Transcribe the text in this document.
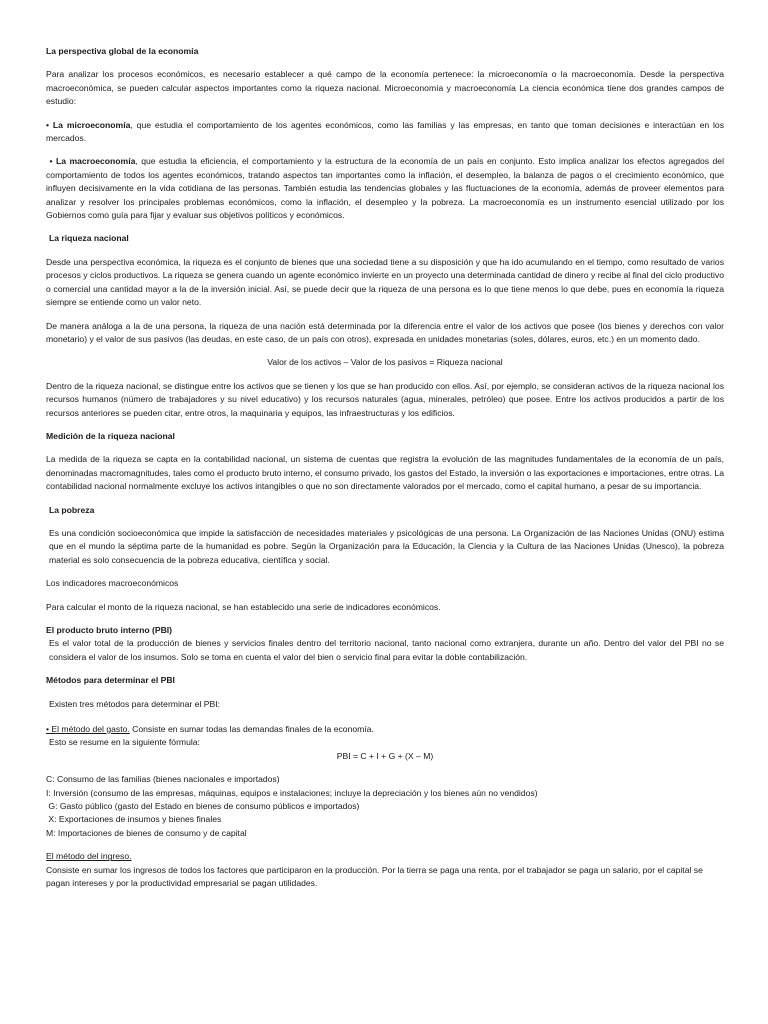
La perspectiva global de la economía

Para analizar los procesos económicos, es necesario establecer a qué campo de la economía pertenece: la microeconomía o la macroeconomía. Desde la perspectiva macroeconómica, se pueden calcular aspectos importantes como la riqueza nacional. Microeconomía y macroeconomía La ciencia económica tiene dos grandes campos de estudio:

• La microeconomía, que estudia el comportamiento de los agentes económicos, como las familias y las empresas, en tanto que toman decisiones e interactúan en los mercados.

• La macroeconomía, que estudia la eficiencia, el comportamiento y la estructura de la economía de un país en conjunto. Esto implica analizar los efectos agregados del comportamiento de todos los agentes económicos, tratando aspectos tan importantes como la inflación, el desempleo, la balanza de pagos o el crecimiento económico, que influyen decisivamente en la vida cotidiana de las personas. También estudia las tendencias globales y las fluctuaciones de la economía, además de proveer elementos para analizar y resolver los principales problemas económicos, como la inflación, el desempleo y la pobreza. La macroeconomía es un instrumento esencial utilizado por los Gobiernos como guía para fijar y evaluar sus objetivos políticos y económicos.

La riqueza nacional

Desde una perspectiva económica, la riqueza es el conjunto de bienes que una sociedad tiene a su disposición y que ha ido acumulando en el tiempo, como resultado de varios procesos y ciclos productivos. La riqueza se genera cuando un agente económico invierte en un proyecto una determinada cantidad de dinero y recibe al final del ciclo productivo o comercial una cantidad mayor a la de la inversión inicial. Así, se puede decir que la riqueza de una persona es lo que tiene menos lo que debe, pues en economía la riqueza siempre se entiende como un valor neto.

De manera análoga a la de una persona, la riqueza de una nación está determinada por la diferencia entre el valor de los activos que posee (los bienes y derechos con valor monetario) y el valor de sus pasivos (las deudas, en este caso, de un país con otros), expresada en unidades monetarias (soles, dólares, euros, etc.) en un momento dado.

Valor de los activos – Valor de los pasivos = Riqueza nacional

Dentro de la riqueza nacional, se distingue entre los activos que se tienen y los que se han producido con ellos. Así, por ejemplo, se consideran activos de la riqueza nacional los recursos humanos (número de trabajadores y su nivel educativo) y los recursos naturales (agua, minerales, petróleo) que posee. Entre los activos producidos a partir de los recursos anteriores se pueden citar, entre otros, la maquinaria y equipos, las infraestructuras y los edificios.

Medición de la riqueza nacional

La medida de la riqueza se capta en la contabilidad nacional, un sistema de cuentas que registra la evolución de las magnitudes fundamentales de la economía de un país, denominadas macromagnitudes, tales como el producto bruto interno, el consumo privado, los gastos del Estado, la inversión o las exportaciones e importaciones, entre otras. La contabilidad nacional normalmente excluye los activos intangibles o que no son directamente valorados por el mercado, como el capital humano, a pesar de su importancia.

La pobreza

Es una condición socioeconómica que impide la satisfacción de necesidades materiales y psicológicas de una persona. La Organización de las Naciones Unidas (ONU) estima que en el mundo la séptima parte de la humanidad es pobre. Según la Organización para la Educación, la Ciencia y la Cultura de las Naciones Unidas (Unesco), la pobreza material es solo consecuencia de la pobreza educativa, científica y social.

Los indicadores macroeconómicos

Para calcular el monto de la riqueza nacional, se han establecido una serie de indicadores económicos.

El producto bruto interno (PBI)

Es el valor total de la producción de bienes y servicios finales dentro del territorio nacional, tanto nacional como extranjera, durante un año. Dentro del valor del PBI no se considera el valor de los insumos. Solo se toma en cuenta el valor del bien o servicio final para evitar la doble contabilización.

Métodos para determinar el PBI

Existen tres métodos para determinar el PBI:

• El método del gasto. Consiste en sumar todas las demandas finales de la economía.
Esto se resume en la siguiente fórmula:
PBI = C + I + G + (X – M)

C: Consumo de las familias (bienes nacionales e importados)
I: Inversión (consumo de las empresas, máquinas, equipos e instalaciones; incluye la depreciación y los bienes aún no vendidos)
G: Gasto público (gasto del Estado en bienes de consumo públicos e importados)
X: Exportaciones de insumos y bienes finales
M: Importaciones de bienes de consumo y de capital

El método del ingreso.
Consiste en sumar los ingresos de todos los factores que participaron en la producción. Por la tierra se paga una renta, por el trabajador se paga un salario, por el capital se pagan intereses y por la productividad empresarial se pagan utilidades.
